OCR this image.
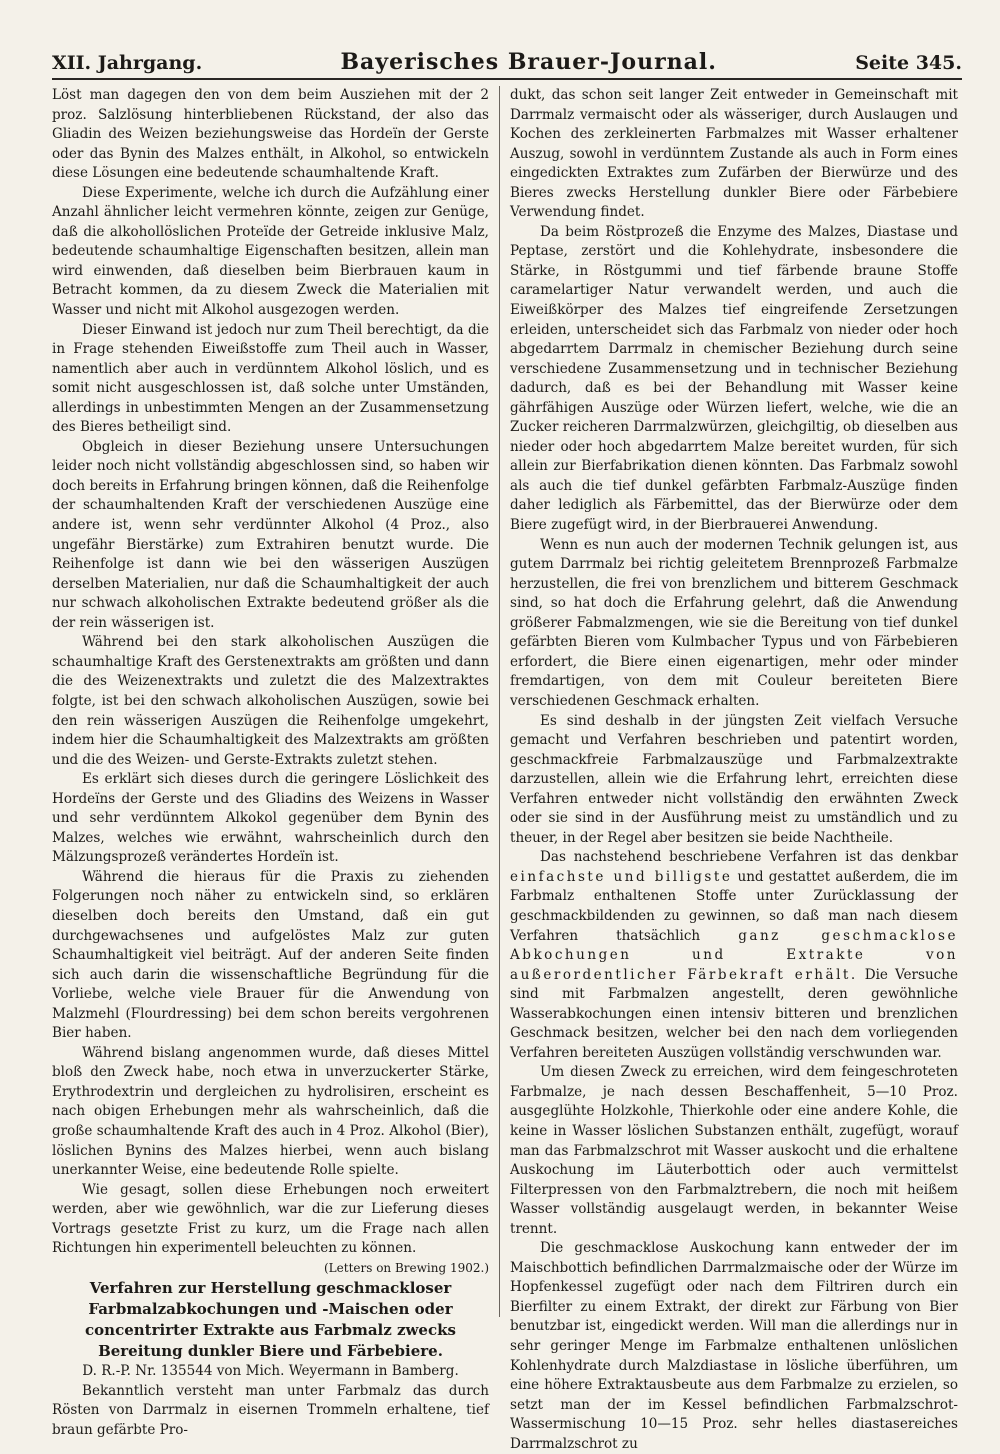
XII. Jahrgang.	Bayerisches Brauer-Journal.	Seite 345.

Löst man dagegen den von dem beim Ausziehen mit der 2 proz. Salzlösung hinterbliebenen Rückstand, der also das Gliadin des Weizen beziehungsweise das Hordeïn der Gerste oder das Bynin des Malzes enthält, in Alkohol, so entwickeln diese Lösungen eine bedeutende schaumhaltende Kraft.

Diese Experimente, welche ich durch die Aufzählung einer Anzahl ähnlicher leicht vermehren könnte, zeigen zur Genüge, daß die alkohollöslichen Proteïde der Getreide inklusive Malz, bedeutende schaumhaltige Eigenschaften besitzen, allein man wird einwenden, daß dieselben beim Bierbrauen kaum in Betracht kommen, da zu diesem Zweck die Materialien mit Wasser und nicht mit Alkohol ausgezogen werden.

Dieser Einwand ist jedoch nur zum Theil berechtigt, da die in Frage stehenden Eiweißstoffe zum Theil auch in Wasser, namentlich aber auch in verdünntem Alkohol löslich, und es somit nicht ausgeschlossen ist, daß solche unter Umständen, allerdings in unbestimmten Mengen an der Zusammensetzung des Bieres betheiligt sind.

Obgleich in dieser Beziehung unsere Untersuchungen leider noch nicht vollständig abgeschlossen sind, so haben wir doch bereits in Erfahrung bringen können, daß die Reihenfolge der schaumhaltenden Kraft der verschiedenen Auszüge eine andere ist, wenn sehr verdünnter Alkohol (4 Proz., also ungefähr Bierstärke) zum Extrahiren benutzt wurde. Die Reihenfolge ist dann wie bei den wässerigen Auszügen derselben Materialien, nur daß die Schaumhaltigkeit der auch nur schwach alkoholischen Extrakte bedeutend größer als die der rein wässerigen ist.

Während bei den stark alkoholischen Auszügen die schaumhaltige Kraft des Gerstenextrakts am größten und dann die des Weizenextrakts und zuletzt die des Malzextraktes folgte, ist bei den schwach alkoholischen Auszügen, sowie bei den rein wässerigen Auszügen die Reihenfolge umgekehrt, indem hier die Schaumhaltigkeit des Malzextrakts am größten und die des Weizen- und Gerste-Extrakts zuletzt stehen.

Es erklärt sich dieses durch die geringere Löslichkeit des Hordeïns der Gerste und des Gliadins des Weizens in Wasser und sehr verdünntem Alkokol gegenüber dem Bynin des Malzes, welches wie erwähnt, wahrscheinlich durch den Mälzungsprozeß verändertes Hordeïn ist.

Während die hieraus für die Praxis zu ziehenden Folgerungen noch näher zu entwickeln sind, so erklären dieselben doch bereits den Umstand, daß ein gut durchgewachsenes und aufgelöstes Malz zur guten Schaumhaltigkeit viel beiträgt. Auf der anderen Seite finden sich auch darin die wissenschaftliche Begründung für die Vorliebe, welche viele Brauer für die Anwendung von Malzmehl (Flourdressing) bei dem schon bereits vergohrenen Bier haben.

Während bislang angenommen wurde, daß dieses Mittel bloß den Zweck habe, noch etwa in unverzuckerter Stärke, Erythrodextrin und dergleichen zu hydrolisiren, erscheint es nach obigen Erhebungen mehr als wahrscheinlich, daß die große schaumhaltende Kraft des auch in 4 Proz. Alkohol (Bier), löslichen Bynins des Malzes hierbei, wenn auch bislang unerkannter Weise, eine bedeutende Rolle spielte.

Wie gesagt, sollen diese Erhebungen noch erweitert werden, aber wie gewöhnlich, war die zur Lieferung dieses Vortrags gesetzte Frist zu kurz, um die Frage nach allen Richtungen hin experimentell beleuchten zu können.

(Letters on Brewing 1902.)

Verfahren zur Herstellung geschmackloser Farbmalzabkochungen und -Maischen oder concentrirter Extrakte aus Farbmalz zwecks Bereitung dunkler Biere und Färbebiere.

D. R.-P. Nr. 135544 von Mich. Weyermann in Bamberg.

Bekanntlich versteht man unter Farbmalz das durch Rösten von Darrmalz in eisernen Trommeln erhaltene, tief braun gefärbte Pro-

dukt, das schon seit langer Zeit entweder in Gemeinschaft mit Darrmalz vermaischt oder als wässeriger, durch Auslaugen und Kochen des zerkleinerten Farbmalzes mit Wasser erhaltener Auszug, sowohl in verdünntem Zustande als auch in Form eines eingedickten Extraktes zum Zufärben der Bierwürze und des Bieres zwecks Herstellung dunkler Biere oder Färbebiere Verwendung findet.

Da beim Röstprozeß die Enzyme des Malzes, Diastase und Peptase, zerstört und die Kohlehydrate, insbesondere die Stärke, in Röstgummi und tief färbende braune Stoffe caramelartiger Natur verwandelt werden, und auch die Eiweißkörper des Malzes tief eingreifende Zersetzungen erleiden, unterscheidet sich das Farbmalz von nieder oder hoch abgedarrtem Darrmalz in chemischer Beziehung durch seine verschiedene Zusammensetzung und in technischer Beziehung dadurch, daß es bei der Behandlung mit Wasser keine gährfähigen Auszüge oder Würzen liefert, welche, wie die an Zucker reicheren Darrmalzwürzen, gleichgiltig, ob dieselben aus nieder oder hoch abgedarrtem Malze bereitet wurden, für sich allein zur Bierfabrikation dienen könnten. Das Farbmalz sowohl als auch die tief dunkel gefärbten Farbmalz-Auszüge finden daher lediglich als Färbemittel, das der Bierwürze oder dem Biere zugefügt wird, in der Bierbrauerei Anwendung.

Wenn es nun auch der modernen Technik gelungen ist, aus gutem Darrmalz bei richtig geleitetem Brennprozeß Farbmalze herzustellen, die frei von brenzlichem und bitterem Geschmack sind, so hat doch die Erfahrung gelehrt, daß die Anwendung größerer Fabmalzmengen, wie sie die Bereitung von tief dunkel gefärbten Bieren vom Kulmbacher Typus und von Färbebieren erfordert, die Biere einen eigenartigen, mehr oder minder fremdartigen, von dem mit Couleur bereiteten Biere verschiedenen Geschmack erhalten.

Es sind deshalb in der jüngsten Zeit vielfach Versuche gemacht und Verfahren beschrieben und patentirt worden, geschmackfreie Farbmalzauszüge und Farbmalzextrakte darzustellen, allein wie die Erfahrung lehrt, erreichten diese Verfahren entweder nicht vollständig den erwähnten Zweck oder sie sind in der Ausführung meist zu umständlich und zu theuer, in der Regel aber besitzen sie beide Nachtheile.

Das nachstehend beschriebene Verfahren ist das denkbar einfachste und billigste und gestattet außerdem, die im Farbmalz enthaltenen Stoffe unter Zurücklassung der geschmackbildenden zu gewinnen, so daß man nach diesem Verfahren thatsächlich ganz geschmacklose Abkochungen und Extrakte von außerordentlicher Färbekraft erhält. Die Versuche sind mit Farbmalzen angestellt, deren gewöhnliche Wasserabkochungen einen intensiv bitteren und brenzlichen Geschmack besitzen, welcher bei den nach dem vorliegenden Verfahren bereiteten Auszügen vollständig verschwunden war.

Um diesen Zweck zu erreichen, wird dem feingeschroteten Farbmalze, je nach dessen Beschaffenheit, 5—10 Proz. ausgeglühte Holzkohle, Thierkohle oder eine andere Kohle, die keine in Wasser löslichen Substanzen enthält, zugefügt, worauf man das Farbmalzschrot mit Wasser auskocht und die erhaltene Auskochung im Läuterbottich oder auch vermittelst Filterpressen von den Farbmalztrebern, die noch mit heißem Wasser vollständig ausgelaugt werden, in bekannter Weise trennt.

Die geschmacklose Auskochung kann entweder der im Maischbottich befindlichen Darrmalzmaische oder der Würze im Hopfenkessel zugefügt oder nach dem Filtriren durch ein Bierfilter zu einem Extrakt, der direkt zur Färbung von Bier benutzbar ist, eingedickt werden. Will man die allerdings nur in sehr geringer Menge im Farbmalze enthaltenen unlöslichen Kohlenhydrate durch Malzdiastase in lösliche überführen, um eine höhere Extraktausbeute aus dem Farbmalze zu erzielen, so setzt man der im Kessel befindlichen Farbmalzschrot-Wassermischung 10—15 Proz. sehr helles diastasereiches Darrmalzschrot zu
